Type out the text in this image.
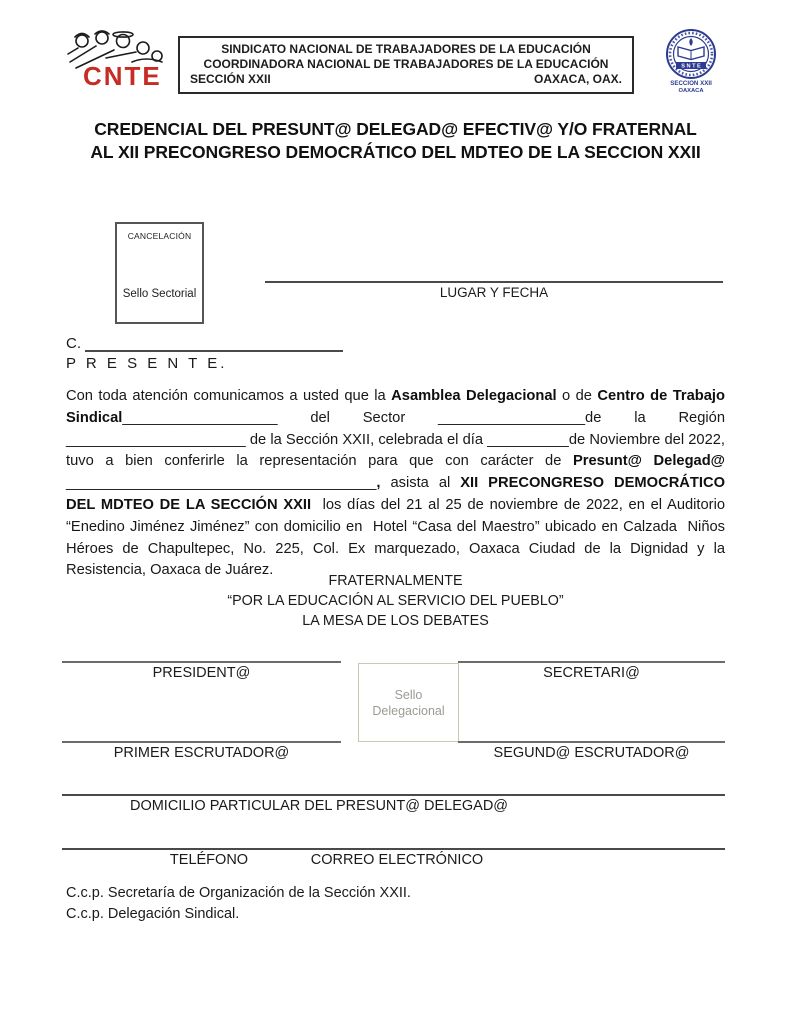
CNTE
SINDICATO NACIONAL DE TRABAJADORES DE LA EDUCACIÓN
COORDINADORA NACIONAL DE TRABAJADORES DE LA EDUCACIÓN
SECCIÓN XXII	OAXACA, OAX.
S N T E
SECCION XXII
OAXACA
CREDENCIAL DEL PRESUNT@ DELEGAD@ EFECTIV@ Y/O FRATERNAL
AL XII PRECONGRESO DEMOCRÁTICO DEL MDTEO DE LA SECCION XXII
CANCELACIÓN
Sello Sectorial	LUGAR Y FECHA
C.
P R E S E N T E.
Con toda atención comunicamos a usted que la Asamblea Delegacional o de Centro de Trabajo Sindical___________________ del Sector __________________de la Región ______________________ de la Sección XXII, celebrada el día __________de Noviembre del 2022, tuvo a bien conferirle la representación para que con carácter de Presunt@ Delegad@ ______________________________________, asista al XII PRECONGRESO DEMOCRÁTICO DEL MDTEO DE LA SECCIÓN XXII  los días del 21 al 25 de noviembre de 2022, en el Auditorio “Enedino Jiménez Jiménez” con domicilio en  Hotel “Casa del Maestro” ubicado en Calzada  Niños  Héroes de Chapultepec, No. 225, Col. Ex marquezado, Oaxaca Ciudad de la Dignidad y la Resistencia, Oaxaca de Juárez.
FRATERNALMENTE
“POR LA EDUCACIÓN AL SERVICIO DEL PUEBLO”
LA MESA DE LOS DEBATES
PRESIDENT@
Sello
Delegacional
SECRETARI@
PRIMER ESCRUTADOR@	SEGUND@ ESCRUTADOR@
DOMICILIO PARTICULAR DEL PRESUNT@ DELEGAD@
TELÉFONO	CORREO ELECTRÓNICO
C.c.p. Secretaría de Organización de la Sección XXII.
C.c.p. Delegación Sindical.
